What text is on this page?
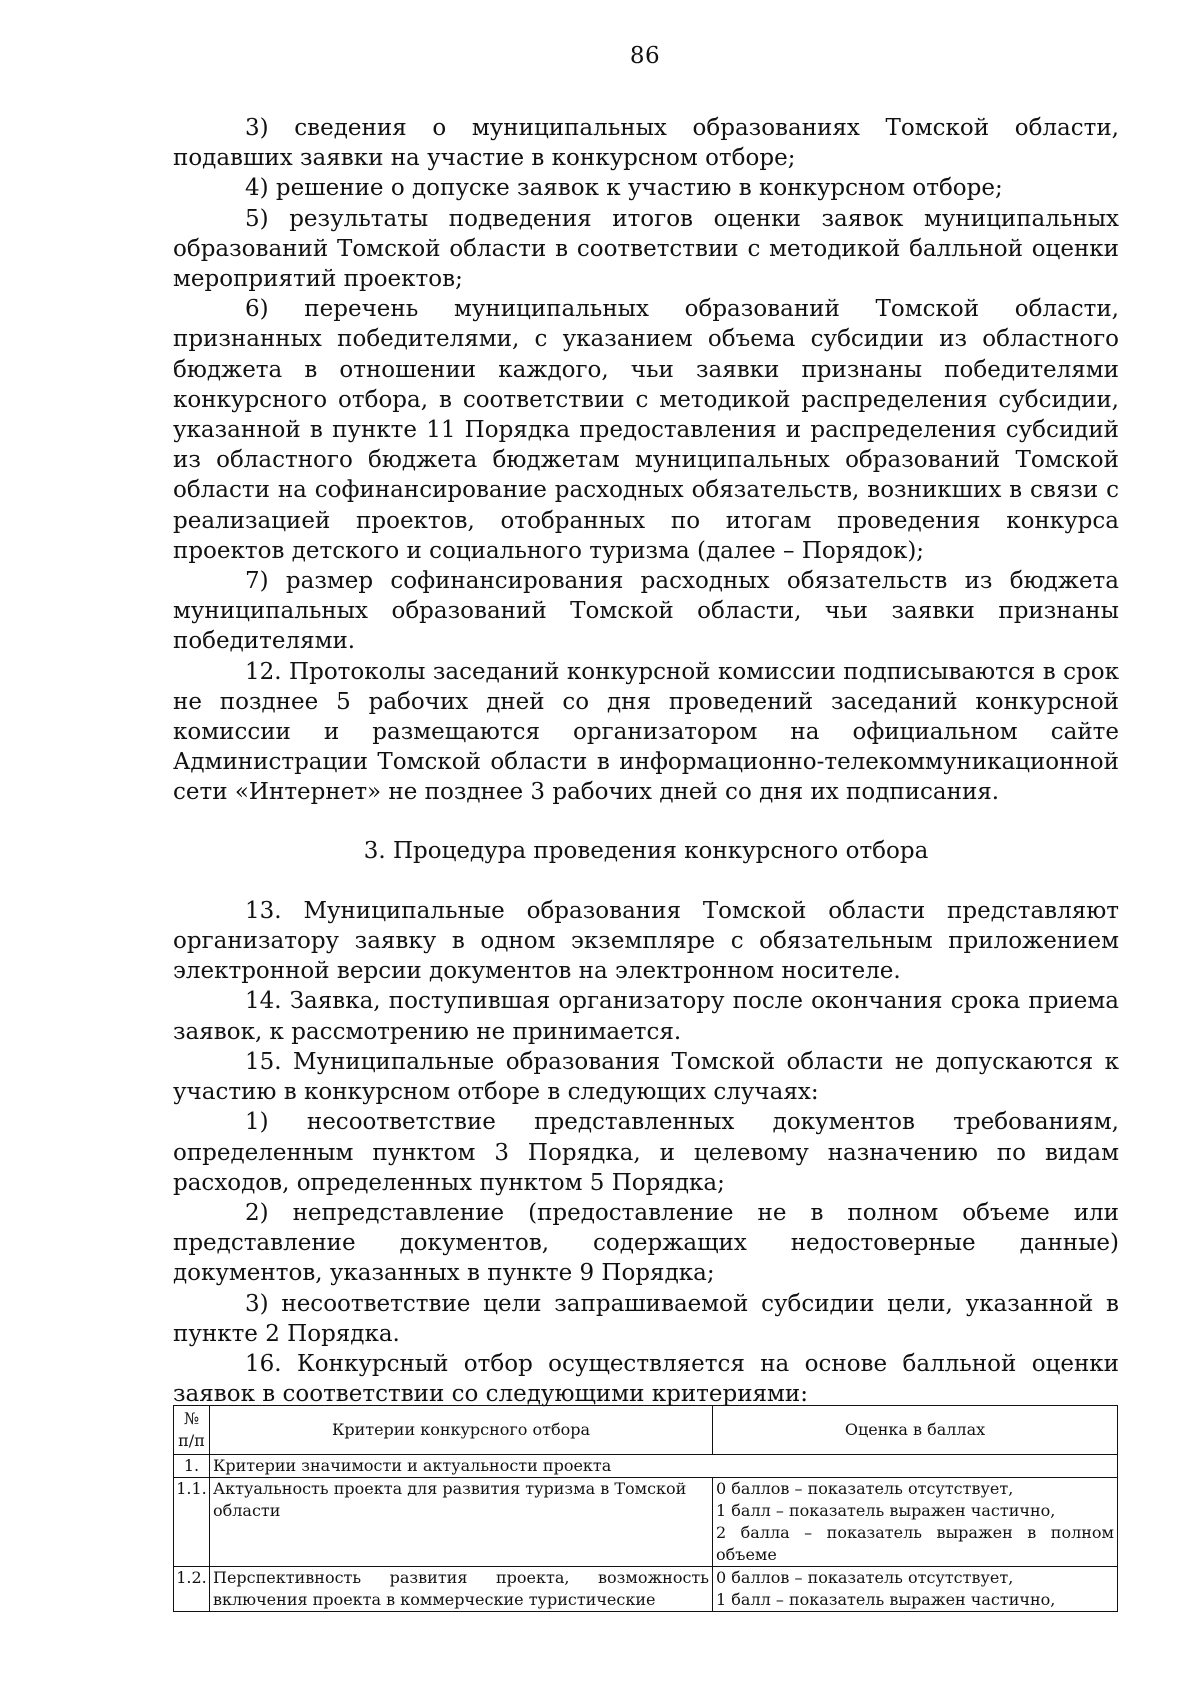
86

3) сведения о муниципальных образованиях Томской области, подавших заявки на участие в конкурсном отборе;

4) решение о допуске заявок к участию в конкурсном отборе;

5) результаты подведения итогов оценки заявок муниципальных образований Томской области в соответствии с методикой балльной оценки мероприятий проектов;

6) перечень муниципальных образований Томской области, признанных победителями, с указанием объема субсидии из областного бюджета в отношении каждого, чьи заявки признаны победителями конкурсного отбора, в соответствии с методикой распределения субсидии, указанной в пункте 11 Порядка предоставления и распределения субсидий из областного бюджета бюджетам муниципальных образований Томской области на софинансирование расходных обязательств, возникших в связи с реализацией проектов, отобранных по итогам проведения конкурса проектов детского и социального туризма (далее – Порядок);

7) размер софинансирования расходных обязательств из бюджета муниципальных образований Томской области, чьи заявки признаны победителями.

12. Протоколы заседаний конкурсной комиссии подписываются в срок не позднее 5 рабочих дней со дня проведений заседаний конкурсной комиссии и размещаются организатором на официальном сайте Администрации Томской области в информационно-телекоммуникационной сети «Интернет» не позднее 3 рабочих дней со дня их подписания.

3. Процедура проведения конкурсного отбора

13. Муниципальные образования Томской области представляют организатору заявку в одном экземпляре с обязательным приложением электронной версии документов на электронном носителе.

14. Заявка, поступившая организатору после окончания срока приема заявок, к рассмотрению не принимается.

15. Муниципальные образования Томской области не допускаются к участию в конкурсном отборе в следующих случаях:

1) несоответствие представленных документов требованиям, определенным пунктом 3 Порядка, и целевому назначению по видам расходов, определенных пунктом 5 Порядка;

2) непредставление (предоставление не в полном объеме или представление документов, содержащих недостоверные данные) документов, указанных в пункте 9 Порядка;

3) несоответствие цели запрашиваемой субсидии цели, указанной в пункте 2 Порядка.

16. Конкурсный отбор осуществляется на основе балльной оценки заявок в соответствии со следующими критериями:

№
п/п	Критерии конкурсного отбора	Оценка в баллах
1.	Критерии значимости и актуальности проекта	
1.1.	Актуальность проекта для развития туризма в Томской области	0 баллов – показатель отсутствует,
1 балл – показатель выражен частично,
2 балла – показатель выражен в полном объеме

1.2.	Перспективность развития проекта, возможность включения проекта в коммерческие туристические	0 баллов – показатель отсутствует,
1 балл – показатель выражен частично,
